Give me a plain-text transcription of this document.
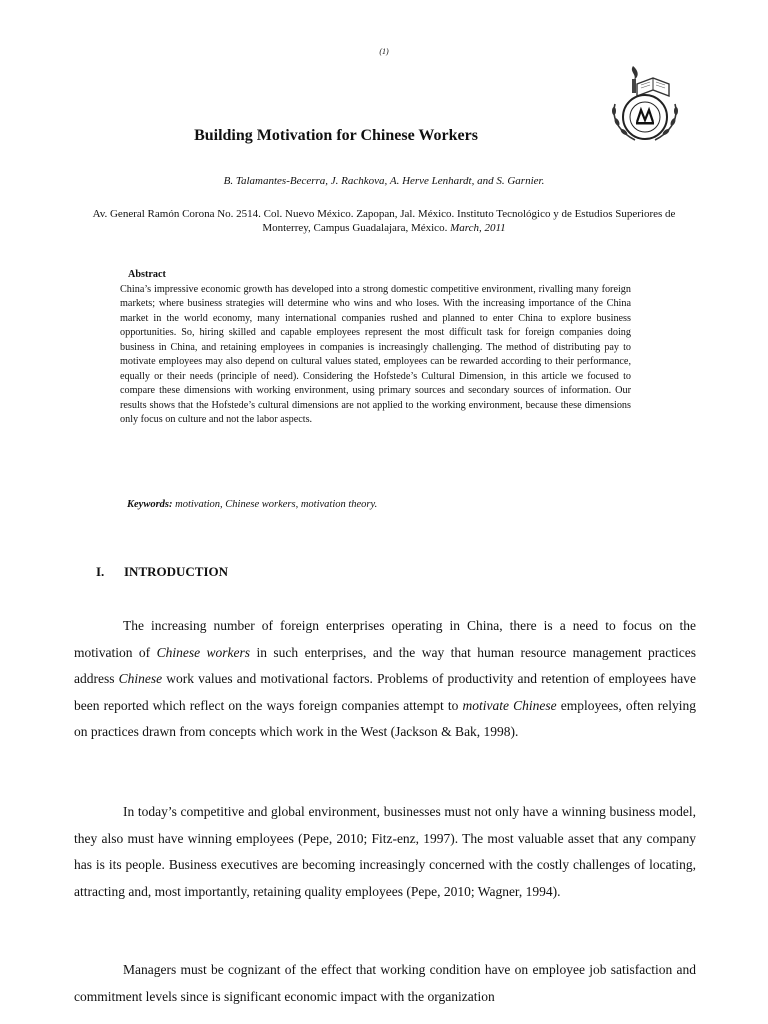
(1)
Building Motivation for Chinese Workers
B. Talamantes-Becerra, J. Rachkova, A. Herve Lenhardt, and S. Garnier.
Av. General Ramón Corona No. 2514. Col. Nuevo México. Zapopan, Jal. México. Instituto Tecnológico y de Estudios Superiores de Monterrey, Campus Guadalajara, México. March, 2011
Abstract

China’s impressive economic growth has developed into a strong domestic competitive environment, rivalling many foreign markets; where business strategies will determine who wins and who loses. With the increasing importance of the China market in the world economy, many international companies rushed and planned to enter China to explore business opportunities. So, hiring skilled and capable employees represent the most difficult task for foreign companies doing business in China, and retaining employees in companies is increasingly challenging. The method of distributing pay to motivate employees may also depend on cultural values stated, employees can be rewarded according to their performance, equally or their needs (principle of need). Considering the Hofstede’s Cultural Dimension, in this article we focused to compare these dimensions with working environment, using primary sources and secondary sources of information. Our results shows that the Hofstede’s cultural dimensions are not applied to the working environment, because these dimensions only focus on culture and not the labor aspects.

Keywords: motivation, Chinese workers, motivation theory.
I. INTRODUCTION

The increasing number of foreign enterprises operating in China, there is a need to focus on the motivation of Chinese workers in such enterprises, and the way that human resource management practices address Chinese work values and motivational factors. Problems of productivity and retention of employees have been reported which reflect on the ways foreign companies attempt to motivate Chinese employees, often relying on practices drawn from concepts which work in the West (Jackson & Bak, 1998).

In today’s competitive and global environment, businesses must not only have a winning business model, they also must have winning employees (Pepe, 2010; Fitz-enz, 1997). The most valuable asset that any company has is its people. Business executives are becoming increasingly concerned with the costly challenges of locating, attracting and, most importantly, retaining quality employees (Pepe, 2010; Wagner, 1994).

Managers must be cognizant of the effect that working condition have on employee job satisfaction and commitment levels since is significant economic impact with the organization
